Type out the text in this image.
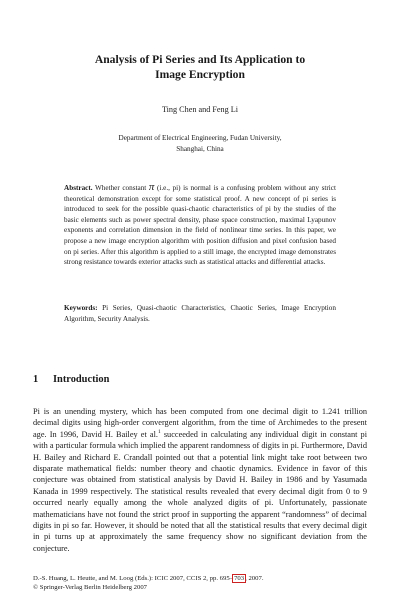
Analysis of Pi Series and Its Application to
Image Encryption
Ting Chen and Feng Li
Department of Electrical Engineering, Fudan University,
Shanghai, China
Abstract. Whether constant π (i.e., pi) is normal is a confusing problem without any strict theoretical demonstration except for some statistical proof. A new concept of pi series is introduced to seek for the possible quasi-chaotic characteristics of pi by the studies of the basic elements such as power spectral density, phase space construction, maximal Lyapunov exponents and correlation dimension in the field of nonlinear time series. In this paper, we propose a new image encryption algorithm with position diffusion and pixel confusion based on pi series. After this algorithm is applied to a still image, the encrypted image demonstrates strong resistance towards exterior attacks such as statistical attacks and differential attacks.
Keywords: Pi Series, Quasi-chaotic Characteristics, Chaotic Series, Image Encryption Algorithm, Security Analysis.
1 Introduction

Pi is an unending mystery, which has been computed from one decimal digit to 1.241 trillion decimal digits using high-order convergent algorithm, from the time of Archimedes to the present age. In 1996, David H. Bailey et al.$^1$ succeeded in calculating any individual digit in constant pi with a particular formula which implied the apparent randomness of digits in pi. Furthermore, David H. Bailey and Richard E. Crandall pointed out that a potential link might take root between two disparate mathematical fields: number theory and chaotic dynamics. Evidence in favor of this conjecture was obtained from statistical analysis by David H. Bailey in 1986 and by Yasumada Kanada in 1999 respectively. The statistical results revealed that every decimal digit from 0 to 9 occurred nearly equally among the whole analyzed digits of pi. Unfortunately, passionate mathematicians have not found the strict proof in supporting the apparent “randomness” of decimal digits in pi so far. However, it should be noted that all the statistical results that every decimal digit in pi turns up at approximately the same frequency show no significant deviation from the conjecture.

D.-S. Huang, L. Heutte, and M. Loog (Eds.): ICIC 2007, CCIS 2, pp. 695–703, 2007.
© Springer-Verlag Berlin Heidelberg 2007
